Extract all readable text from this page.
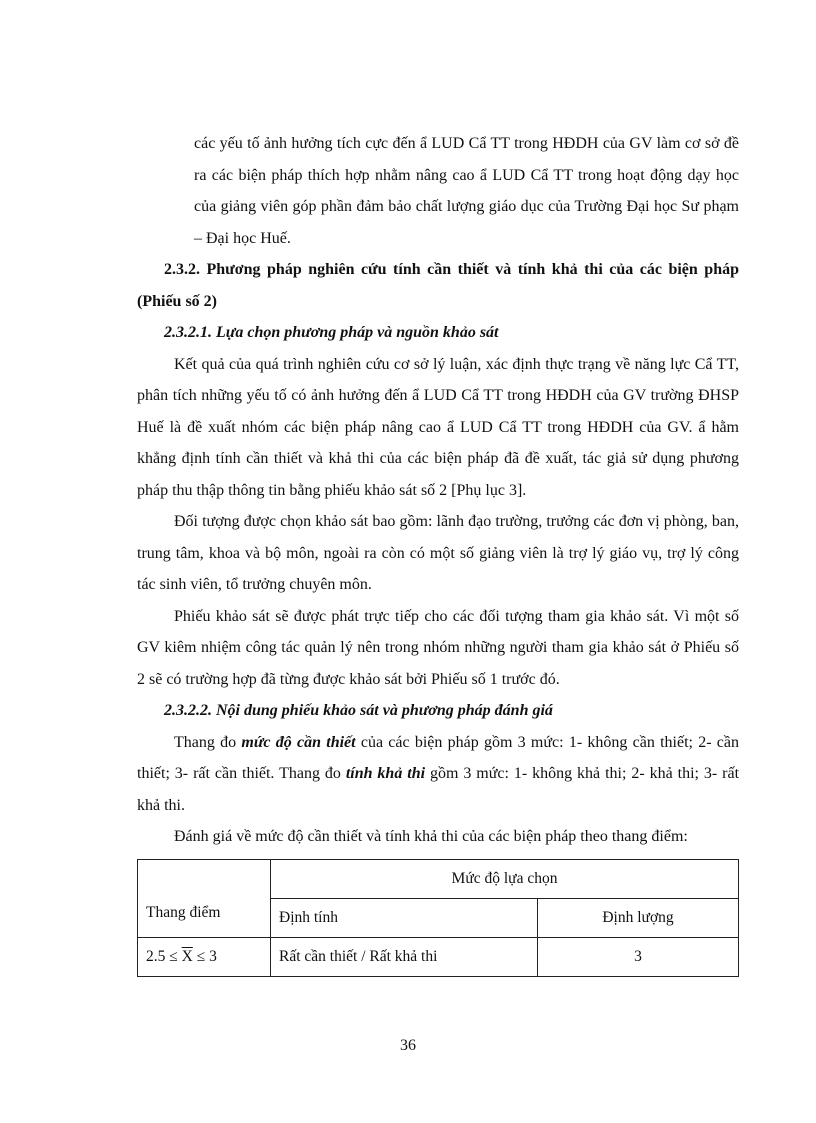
các yếu tố ảnh hưởng tích cực đến ẩ LUD Cẩ TT trong HĐDH của GV làm cơ sở đề ra các biện pháp thích hợp nhằm nâng cao ẩ LUD Cẩ TT trong hoạt động dạy học của giảng viên góp phần đảm bảo chất lượng giáo dục của Trường Đại học Sư phạm – Đại học Huế.

2.3.2. Phương pháp nghiên cứu tính cần thiết và tính khả thi của các biện pháp (Phiếu số 2)

2.3.2.1. Lựa chọn phương pháp và nguồn khảo sát

Kết quả của quá trình nghiên cứu cơ sở lý luận, xác định thực trạng về năng lực Cẩ TT, phân tích những yếu tố có ảnh hưởng đến ẩ LUD Cẩ TT trong HĐDH của GV trường ĐHSP Huế là đề xuất nhóm các biện pháp nâng cao ẩ LUD Cẩ TT trong HĐDH của GV. ẩ hằm khẳng định tính cần thiết và khả thi của các biện pháp đã đề xuất, tác giả sử dụng phương pháp thu thập thông tin bằng phiếu khảo sát số 2 [Phụ lục 3].

Đối tượng được chọn khảo sát bao gồm: lãnh đạo trường, trưởng các đơn vị phòng, ban, trung tâm, khoa và bộ môn, ngoài ra còn có một số giảng viên là trợ lý giáo vụ, trợ lý công tác sinh viên, tổ trưởng chuyên môn.

Phiếu khảo sát sẽ được phát trực tiếp cho các đối tượng tham gia khảo sát. Vì một số GV kiêm nhiệm công tác quản lý nên trong nhóm những người tham gia khảo sát ở Phiếu số 2 sẽ có trường hợp đã từng được khảo sát bởi Phiếu số 1 trước đó.

2.3.2.2. Nội dung phiếu khảo sát và phương pháp đánh giá

Thang đo mức độ cần thiết của các biện pháp gồm 3 mức: 1- không cần thiết; 2- cần thiết; 3- rất cần thiết. Thang đo tính khả thi gồm 3 mức: 1- không khả thi; 2- khả thi; 3- rất khả thi.

Đánh giá về mức độ cần thiết và tính khả thi của các biện pháp theo thang điểm:

Thang điểm	Mức độ lựa chọn	
	Định tính	Định lượng
$2.5 \le \overline{X} \le 3$	Rất cần thiết / Rất khả thi	3
36
